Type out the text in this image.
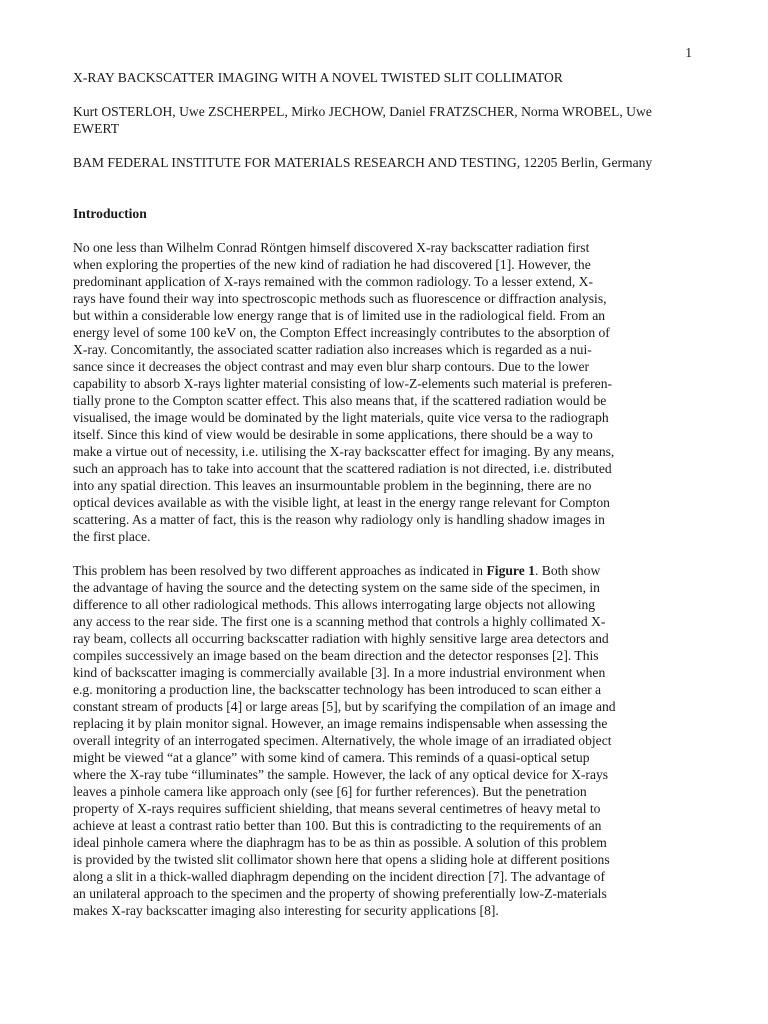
1
X-RAY BACKSCATTER IMAGING WITH A NOVEL TWISTED SLIT COLLIMATOR
Kurt OSTERLOH, Uwe ZSCHERPEL, Mirko JECHOW, Daniel FRATZSCHER, Norma WROBEL, Uwe EWERT
BAM FEDERAL INSTITUTE FOR MATERIALS RESEARCH AND TESTING, 12205 Berlin, Germany
Introduction
No one less than Wilhelm Conrad Röntgen himself discovered X-ray backscatter radiation first
when exploring the properties of the new kind of radiation he had discovered [1]. However, the
predominant application of X-rays remained with the common radiology. To a lesser extend, X-
rays have found their way into spectroscopic methods such as fluorescence or diffraction analysis,
but within a considerable low energy range that is of limited use in the radiological field. From an
energy level of some 100 keV on, the Compton Effect increasingly contributes to the absorption of
X-ray. Concomitantly, the associated scatter radiation also increases which is regarded as a nui-
sance since it decreases the object contrast and may even blur sharp contours. Due to the lower
capability to absorb X-rays lighter material consisting of low-Z-elements such material is preferen-
tially prone to the Compton scatter effect. This also means that, if the scattered radiation would be
visualised, the image would be dominated by the light materials, quite vice versa to the radiograph
itself. Since this kind of view would be desirable in some applications, there should be a way to
make a virtue out of necessity, i.e. utilising the X-ray backscatter effect for imaging. By any means,
such an approach has to take into account that the scattered radiation is not directed, i.e. distributed
into any spatial direction. This leaves an insurmountable problem in the beginning, there are no
optical devices available as with the visible light, at least in the energy range relevant for Compton
scattering. As a matter of fact, this is the reason why radiology only is handling shadow images in
the first place.
This problem has been resolved by two different approaches as indicated in Figure 1. Both show
the advantage of having the source and the detecting system on the same side of the specimen, in
difference to all other radiological methods. This allows interrogating large objects not allowing
any access to the rear side. The first one is a scanning method that controls a highly collimated X-
ray beam, collects all occurring backscatter radiation with highly sensitive large area detectors and
compiles successively an image based on the beam direction and the detector responses [2]. This
kind of backscatter imaging is commercially available [3]. In a more industrial environment when
e.g. monitoring a production line, the backscatter technology has been introduced to scan either a
constant stream of products [4] or large areas [5], but by scarifying the compilation of an image and
replacing it by plain monitor signal. However, an image remains indispensable when assessing the
overall integrity of an interrogated specimen. Alternatively, the whole image of an irradiated object
might be viewed “at a glance” with some kind of camera. This reminds of a quasi-optical setup
where the X-ray tube “illuminates” the sample. However, the lack of any optical device for X-rays
leaves a pinhole camera like approach only (see [6] for further references). But the penetration
property of X-rays requires sufficient shielding, that means several centimetres of heavy metal to
achieve at least a contrast ratio better than 100. But this is contradicting to the requirements of an
ideal pinhole camera where the diaphragm has to be as thin as possible. A solution of this problem
is provided by the twisted slit collimator shown here that opens a sliding hole at different positions
along a slit in a thick-walled diaphragm depending on the incident direction [7]. The advantage of
an unilateral approach to the specimen and the property of showing preferentially low-Z-materials
makes X-ray backscatter imaging also interesting for security applications [8].
